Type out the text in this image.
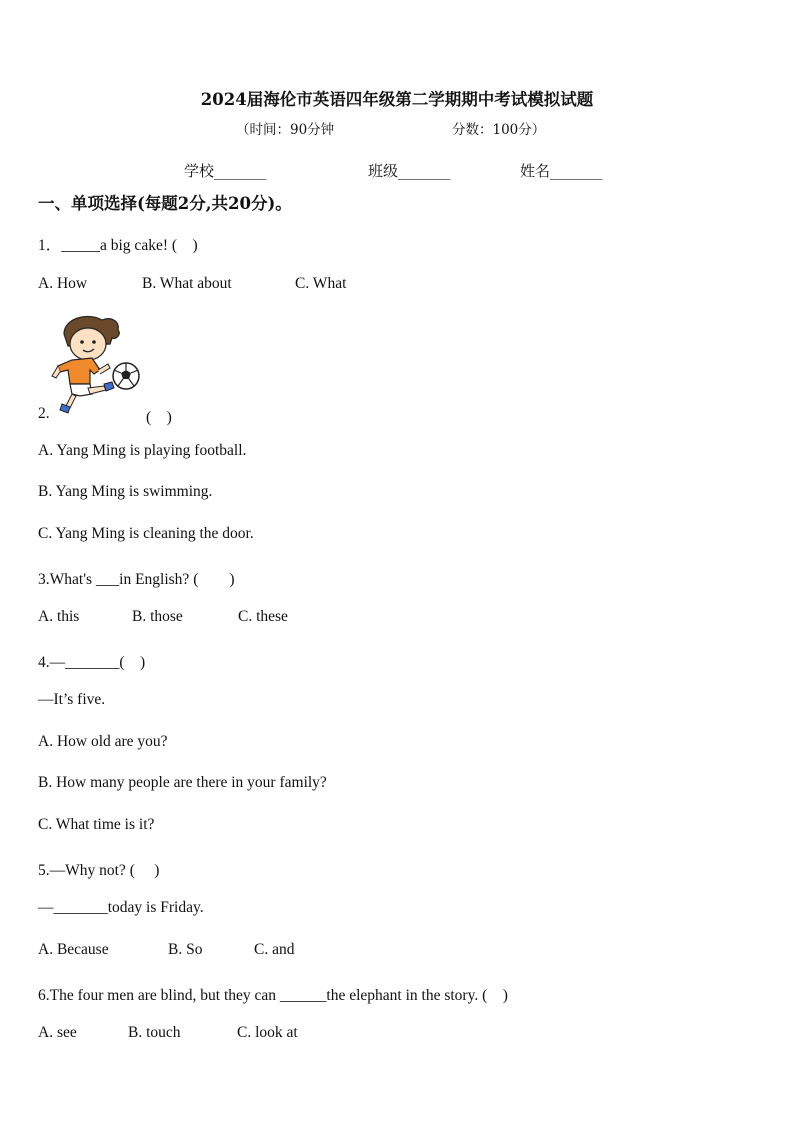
2024届海伦市英语四年级第二学期期中考试模拟试题
（时间：90分钟	分数：100分）
学校_______	班级_______	姓名_______
一、单项选择(每题2分,共20分)。
1．_____a big cake! (　)
A. How	B. What about	C. What
2.	(　)
A. Yang Ming is playing football.
B. Yang Ming is swimming.
C. Yang Ming is cleaning the door.
3.What's ___in English? (　　)
A. this	B. those	C. these
4.—_______(　)
—It’s five.
A. How old are you?
B. How many people are there in your family?
C. What time is it?
5.—Why not? (　 )
—_______today is Friday.
A. Because	B. So	C. and
6.The four men are blind, but they can ______the elephant in the story. (　)
A. see	B. touch	C. look at
